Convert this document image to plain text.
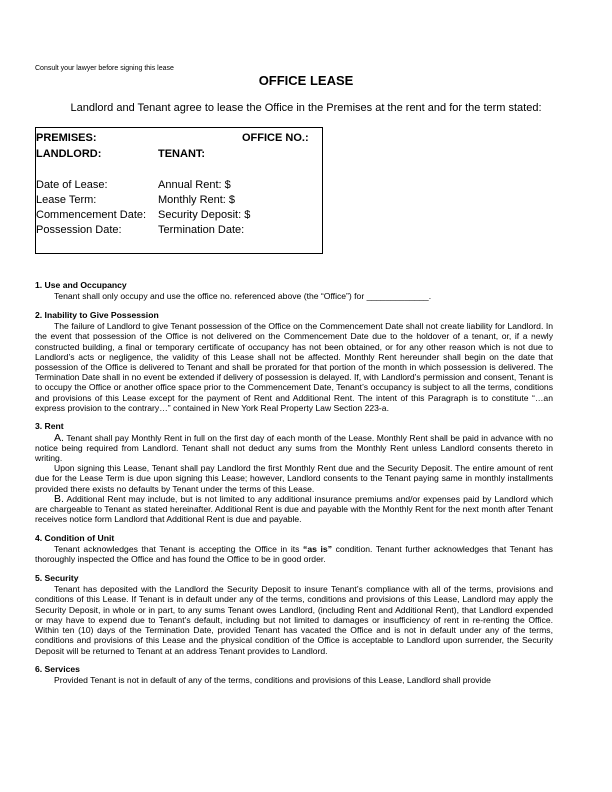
Consult your lawyer before signing this lease
OFFICE LEASE
Landlord and Tenant agree to lease the Office in the Premises at the rent and for the term stated:
PREMISES:	OFFICE NO.:
LANDLORD:	TENANT:
Date of Lease:	Annual Rent: $
Lease Term:	Monthly Rent: $
Commencement Date: Security Deposit: $
Possession Date:	Termination Date:
1. Use and Occupancy

Tenant shall only occupy and use the office no. referenced above (the “Office”) for _____________.

2. Inability to Give Possession

The failure of Landlord to give Tenant possession of the Office on the Commencement Date shall not create liability for Landlord. In the event that possession of the Office is not delivered on the Commencement Date due to the holdover of a tenant, or, if a newly constructed building, a final or temporary certificate of occupancy has not been obtained, or for any other reason which is not due to Landlord’s acts or negligence, the validity of this Lease shall not be affected. Monthly Rent hereunder shall begin on the date that possession of the Office is delivered to Tenant and shall be prorated for that portion of the month in which possession is delivered. The Termination Date shall in no event be extended if delivery of possession is delayed. If, with Landlord’s permission and consent, Tenant is to occupy the Office or another office space prior to the Commencement Date, Tenant’s occupancy is subject to all the terms, conditions and provisions of this Lease except for the payment of Rent and Additional Rent. The intent of this Paragraph is to constitute “…an express provision to the contrary…” contained in New York Real Property Law Section 223-a.

3. Rent

A. Tenant shall pay Monthly Rent in full on the first day of each month of the Lease. Monthly Rent shall be paid in advance with no notice being required from Landlord. Tenant shall not deduct any sums from the Monthly Rent unless Landlord consents thereto in writing.

Upon signing this Lease, Tenant shall pay Landlord the first Monthly Rent due and the Security Deposit. The entire amount of rent due for the Lease Term is due upon signing this Lease; however, Landlord consents to the Tenant paying same in monthly installments provided there exists no defaults by Tenant under the terms of this Lease.

B. Additional Rent may include, but is not limited to any additional insurance premiums and/or expenses paid by Landlord which are chargeable to Tenant as stated hereinafter. Additional Rent is due and payable with the Monthly Rent for the next month after Tenant receives notice form Landlord that Additional Rent is due and payable.

4. Condition of Unit

Tenant acknowledges that Tenant is accepting the Office in its “as is” condition. Tenant further acknowledges that Tenant has thoroughly inspected the Office and has found the Office to be in good order.

5. Security

Tenant has deposited with the Landlord the Security Deposit to insure Tenant’s compliance with all of the terms, provisions and conditions of this Lease. If Tenant is in default under any of the terms, conditions and provisions of this Lease, Landlord may apply the Security Deposit, in whole or in part, to any sums Tenant owes Landlord, (including Rent and Additional Rent), that Landlord expended or may have to expend due to Tenant’s default, including but not limited to damages or insufficiency of rent in re-renting the Office. Within ten (10) days of the Termination Date, provided Tenant has vacated the Office and is not in default under any of the terms, conditions and provisions of this Lease and the physical condition of the Office is acceptable to Landlord upon surrender, the Security Deposit will be returned to Tenant at an address Tenant provides to Landlord.

6. Services

Provided Tenant is not in default of any of the terms, conditions and provisions of this Lease, Landlord shall provide
